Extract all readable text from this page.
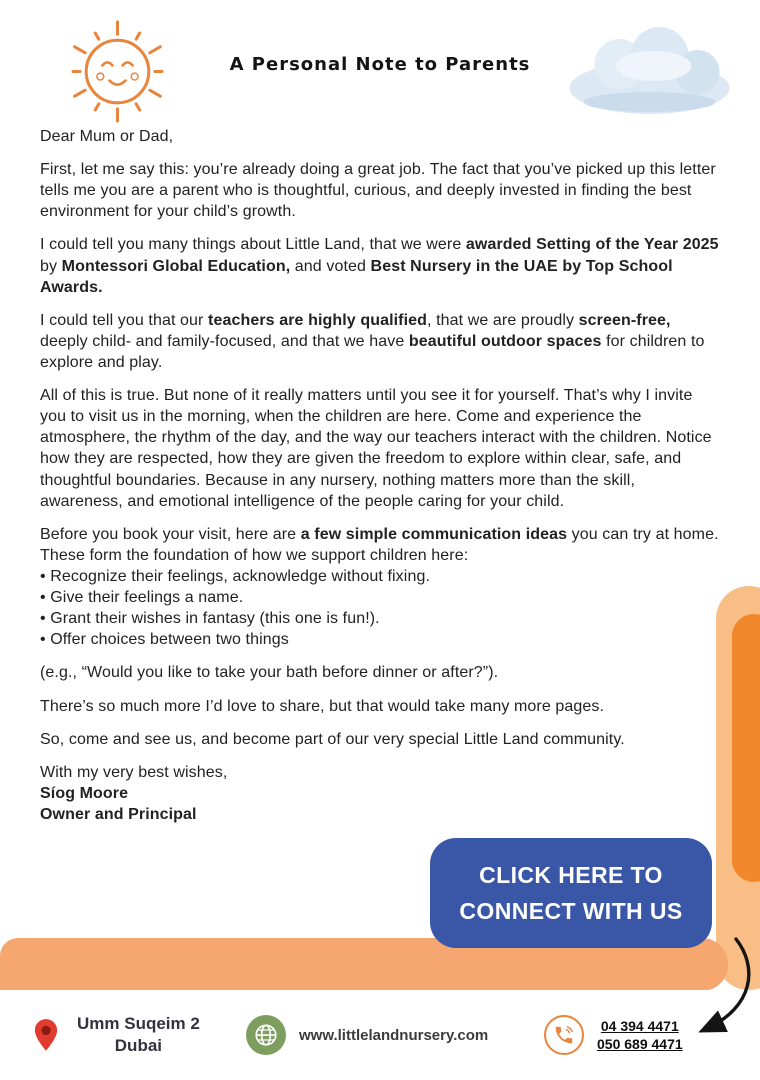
A Personal Note to Parents

Dear Mum or Dad,

First, let me say this: you’re already doing a great job. The fact that you’ve picked up this letter tells me you are a parent who is thoughtful, curious, and deeply invested in finding the best environment for your child’s growth.

I could tell you many things about Little Land, that we were awarded Setting of the Year 2025 by Montessori Global Education, and voted Best Nursery in the UAE by Top School Awards.

I could tell you that our teachers are highly qualified, that we are proudly screen-free, deeply child- and family-focused, and that we have beautiful outdoor spaces for children to explore and play.

All of this is true. But none of it really matters until you see it for yourself. That’s why I invite you to visit us in the morning, when the children are here. Come and experience the atmosphere, the rhythm of the day, and the way our teachers interact with the children. Notice how they are respected, how they are given the freedom to explore within clear, safe, and thoughtful boundaries. Because in any nursery, nothing matters more than the skill, awareness, and emotional intelligence of the people caring for your child.

Before you book your visit, here are a few simple communication ideas you can try at home. These form the foundation of how we support children here:

• Recognize their feelings, acknowledge without fixing.

• Give their feelings a name.

• Grant their wishes in fantasy (this one is fun!).

• Offer choices between two things

(e.g., “Would you like to take your bath before dinner or after?”).

There’s so much more I’d love to share, but that would take many more pages.

So, come and see us, and become part of our very special Little Land community.

With my very best wishes,

Síog Moore

Owner and Principal

CLICK HERE TO
CONNECT WITH US
Umm Suqeim 2
Dubai
www.littlelandnursery.com
04 394 4471
050 689 4471
